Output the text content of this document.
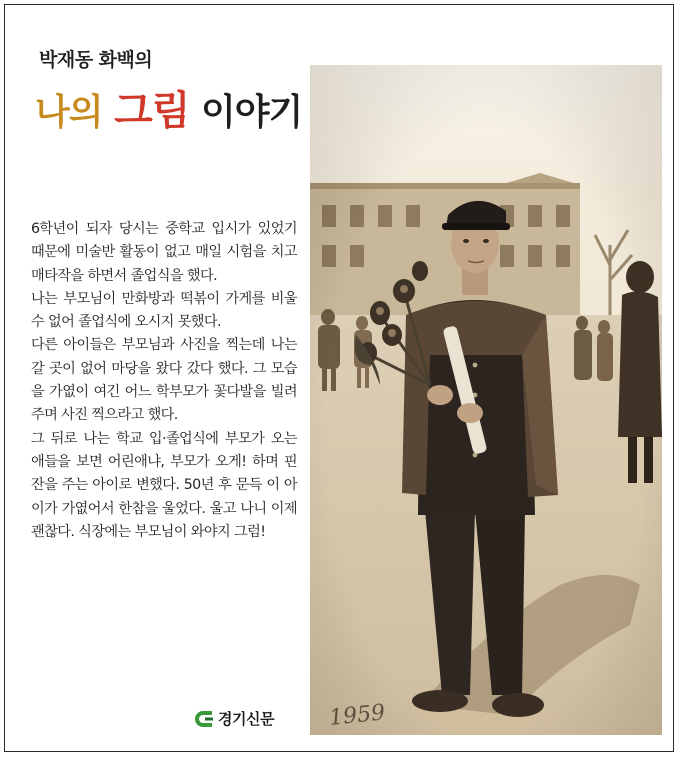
박재동 화백의
나의 그림 이야기

6학년이 되자 당시는 중학교 입시가 있었기 때문에 미술반 활동이 없고 매일 시험을 치고 매타작을 하면서 졸업식을 했다.

나는 부모님이 만화방과 떡볶이 가게를 비울 수 없어 졸업식에 오시지 못했다.

다른 아이들은 부모님과 사진을 찍는데 나는 갈 곳이 없어 마당을 왔다 갔다 했다. 그 모습을 가엾이 여긴 어느 학부모가 꽃다발을 빌려 주며 사진 찍으라고 했다.

그 뒤로 나는 학교 입·졸업식에 부모가 오는 애들을 보면 어린애냐, 부모가 오게! 하며 핀잔을 주는 아이로 변했다. 50년 후 문득 이 아이가 가엾어서 한참을 울었다. 울고 나니 이제 괜찮다. 식장에는 부모님이 와야지 그럼!

경기신문
